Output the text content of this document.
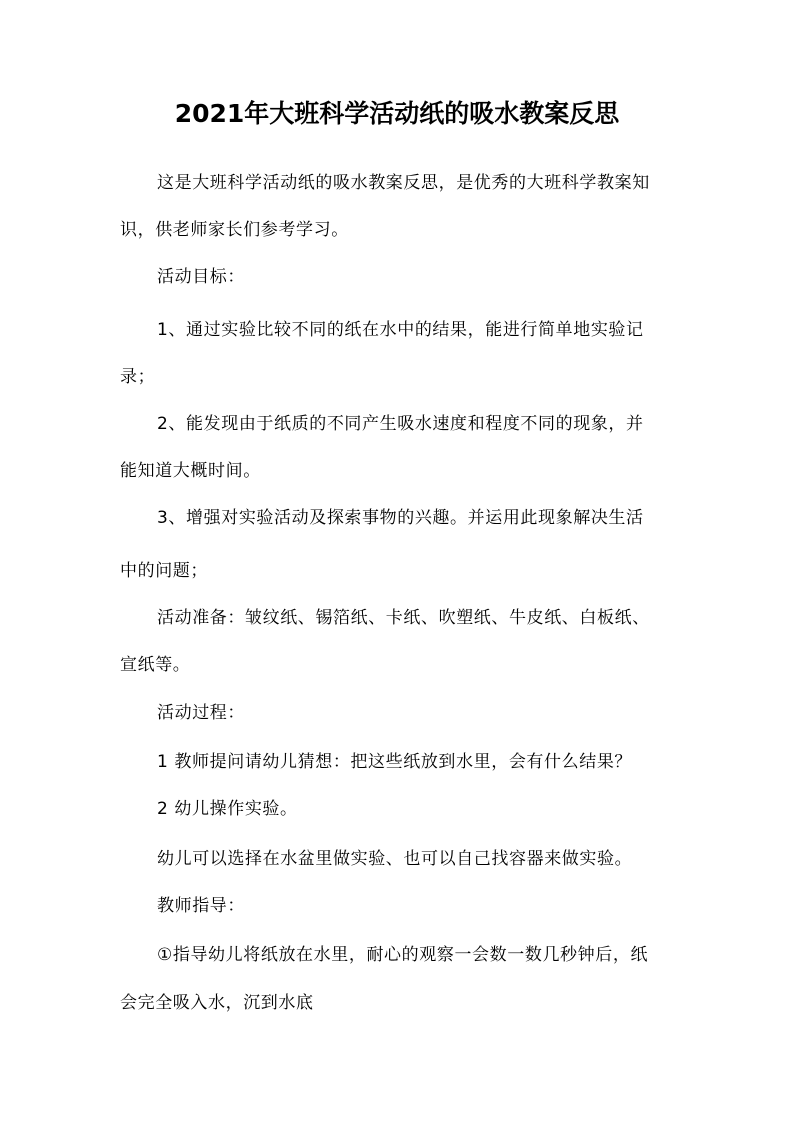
2021年大班科学活动纸的吸水教案反思
这是大班科学活动纸的吸水教案反思，是优秀的大班科学教案知
识，供老师家长们参考学习。
活动目标：
1、通过实验比较不同的纸在水中的结果，能进行简单地实验记
录；
2、能发现由于纸质的不同产生吸水速度和程度不同的现象，并
能知道大概时间。
3、增强对实验活动及探索事物的兴趣。并运用此现象解决生活
中的问题；
活动准备：皱纹纸、锡箔纸、卡纸、吹塑纸、牛皮纸、白板纸、
宣纸等。
活动过程：
1 教师提问请幼儿猜想：把这些纸放到水里，会有什么结果？
2 幼儿操作实验。
幼儿可以选择在水盆里做实验、也可以自己找容器来做实验。
教师指导：
①指导幼儿将纸放在水里，耐心的观察一会数一数几秒钟后，纸
会完全吸入水，沉到水底
